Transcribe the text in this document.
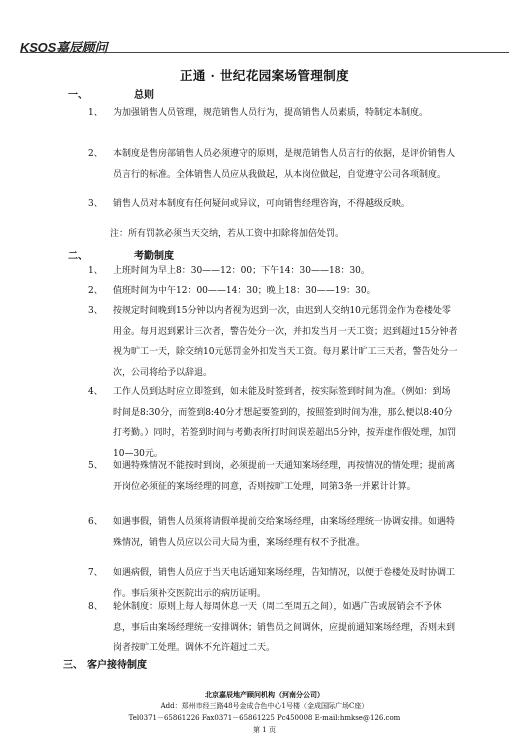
KSOS嘉辰顾问
正通 · 世纪花园案场管理制度
一、	总则
1、	为加强销售人员管理，规范销售人员行为，提高销售人员素质，特制定本制度。
2、	本制度是售房部销售人员必须遵守的原则，是规范销售人员言行的依据，是评价销售人员言行的标准。全体销售人员应从我做起，从本岗位做起，自觉遵守公司各项制度。
3、	销售人员对本制度有任何疑问或异议，可向销售经理咨询，不得越级反映。
注：所有罚款必须当天交纳，若从工资中扣除将加倍处罚。
二、	考勤制度
1、	上班时间为早上8：30——12：00；下午14：30——18：30。
2、	值班时间为中午12：00——14：30；晚上18：30——19：30。
3、	按规定时间晚到15分钟以内者视为迟到一次，由迟到人交纳10元惩罚金作为卷楼处零用金。每月迟到累计三次者，警告处分一次，并扣发当月一天工资；迟到超过15分钟者视为旷工一天，除交纳10元惩罚金外扣发当天工资。每月累计旷工三天者，警告处分一次，公司将给予以辞退。
4、	工作人员到达时应立即签到，如未能及时签到者，按实际签到时间为准。（例如：到场时间是8:30分，而签到8:40分才想起要签到的，按照签到时间为准，那么便以8:40分打考勤。）同时，若签到时间与考勤表所打时间误差超出5分钟，按弄虚作假处理，加罚10—30元。
5、	如遇特殊情况不能按时到岗，必须提前一天通知案场经理，再按情况的情处理；提前离开岗位必须征的案场经理的同意，否则按旷工处理，同第3条一并累计计算。
6、	如遇事假，销售人员须将请假单提前交给案场经理，由案场经理统一协调安排。如遇特殊情况，销售人员应以公司大局为重，案场经理有权不予批准。
7、	如遇病假，销售人员应于当天电话通知案场经理，告知情况，以便于卷楼处及时协调工作。事后须补交医院出示的病历证明。
8、	轮休制度：原则上每人每周休息一天（周二至周五之间），如遇广告或展销会不予休息，事后由案场经理统一安排调休；销售员之间调休，应提前通知案场经理，否则未到岗者按旷工处理。调休不允许超过二天。
三、 客户接待制度
北京嘉辰地产顾问机构（河南分公司）
Add：郑州市经三路48号金成合色中心1号楼（金成国际广场C座）
Tel0371－65861226 Fax0371－65861225 Pc450008 E-mail:hmkse@126.com
第 1 页
